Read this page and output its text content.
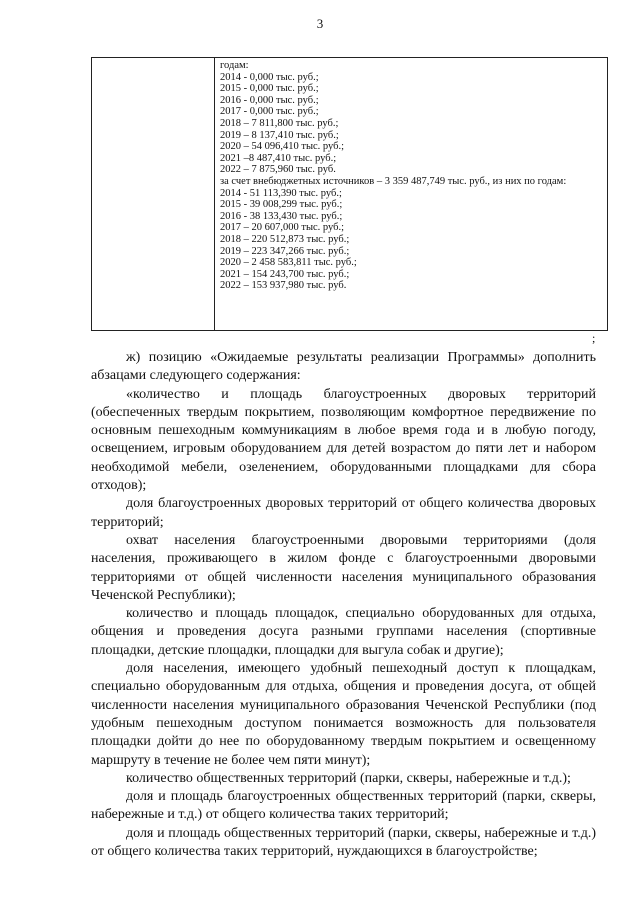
3
годам:
2014 - 0,000 тыс. руб.;
2015 - 0,000 тыс. руб.;
2016 - 0,000 тыс. руб.;
2017 - 0,000 тыс. руб.;
2018 – 7 811,800 тыс. руб.;
2019 – 8 137,410 тыс. руб.;
2020 – 54 096,410 тыс. руб.;
2021 –8 487,410 тыс. руб.;
2022 – 7 875,960 тыс. руб.
за счет внебюджетных источников – 3 359 487,749 тыс. руб., из них по годам:
2014 - 51 113,390 тыс. руб.;
2015 - 39 008,299 тыс. руб.;
2016 - 38 133,430 тыс. руб.;
2017 – 20 607,000 тыс. руб.;
2018 – 220 512,873 тыс. руб.;
2019 – 223 347,266 тыс. руб.;
2020 – 2 458 583,811 тыс. руб.;
2021 – 154 243,700 тыс. руб.;
2022 – 153 937,980 тыс. руб.
;

ж) позицию «Ожидаемые результаты реализации Программы» дополнить абзацами следующего содержания:

«количество и площадь благоустроенных дворовых территорий (обеспеченных твердым покрытием, позволяющим комфортное передвижение по основным пешеходным коммуникациям в любое время года и в любую погоду, освещением, игровым оборудованием для детей возрастом до пяти лет и набором необходимой мебели, озеленением, оборудованными площадками для сбора отходов);

доля благоустроенных дворовых территорий от общего количества дворовых территорий;

охват населения благоустроенными дворовыми территориями (доля населения, проживающего в жилом фонде с благоустроенными дворовыми территориями от общей численности населения муниципального образования Чеченской Республики);

количество и площадь площадок, специально оборудованных для отдыха, общения и проведения досуга разными группами населения (спортивные площадки, детские площадки, площадки для выгула собак и другие);

доля населения, имеющего удобный пешеходный доступ к площадкам, специально оборудованным для отдыха, общения и проведения досуга, от общей численности населения муниципального образования Чеченской Республики (под удобным пешеходным доступом понимается возможность для пользователя площадки дойти до нее по оборудованному твердым покрытием и освещенному маршруту в течение не более чем пяти минут);

количество общественных территорий (парки, скверы, набережные и т.д.);

доля и площадь благоустроенных общественных территорий (парки, скверы, набережные и т.д.) от общего количества таких территорий;

доля и площадь общественных территорий (парки, скверы, набережные и т.д.) от общего количества таких территорий, нуждающихся в благоустройстве;
